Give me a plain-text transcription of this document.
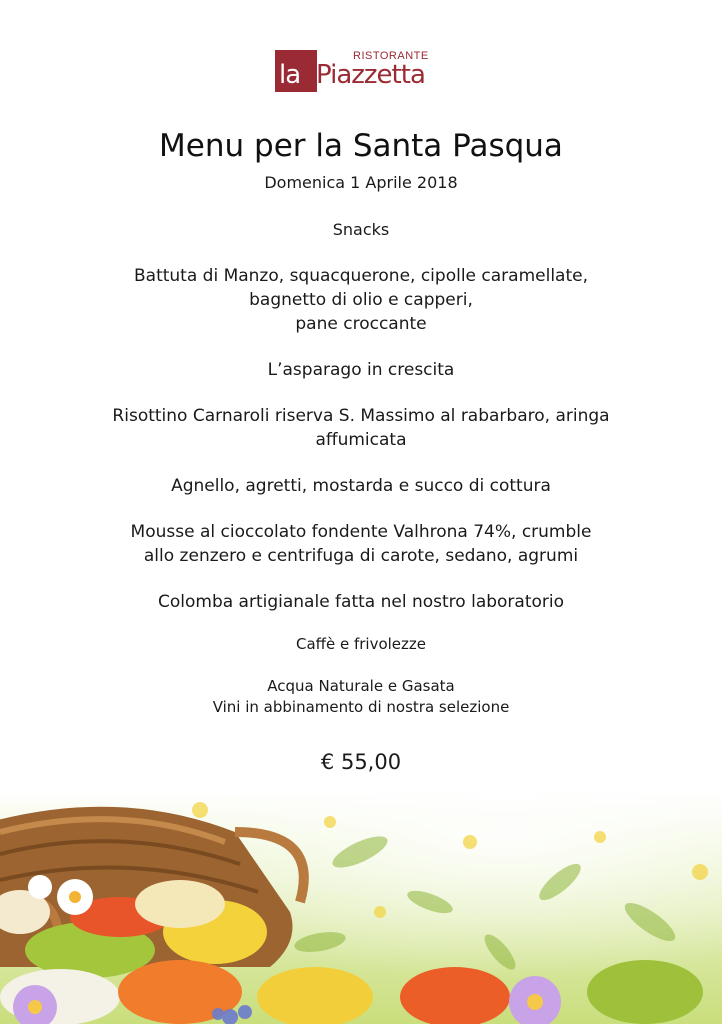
la Piazzetta
RISTORANTE
Menu per la Santa Pasqua
Domenica 1 Aprile 2018
Snacks
Battuta di Manzo, squacquerone, cipolle caramellate,
bagnetto di olio e capperi,
pane croccante
L’asparago in crescita
Risottino Carnaroli riserva S. Massimo al rabarbaro, aringa
affumicata
Agnello, agretti, mostarda e succo di cottura
Mousse al cioccolato fondente Valhrona 74%, crumble
allo zenzero e centrifuga di carote, sedano, agrumi
Colomba artigianale fatta nel nostro laboratorio
Caffè e frivolezze
Acqua Naturale e Gasata
Vini in abbinamento di nostra selezione
€ 55,00
